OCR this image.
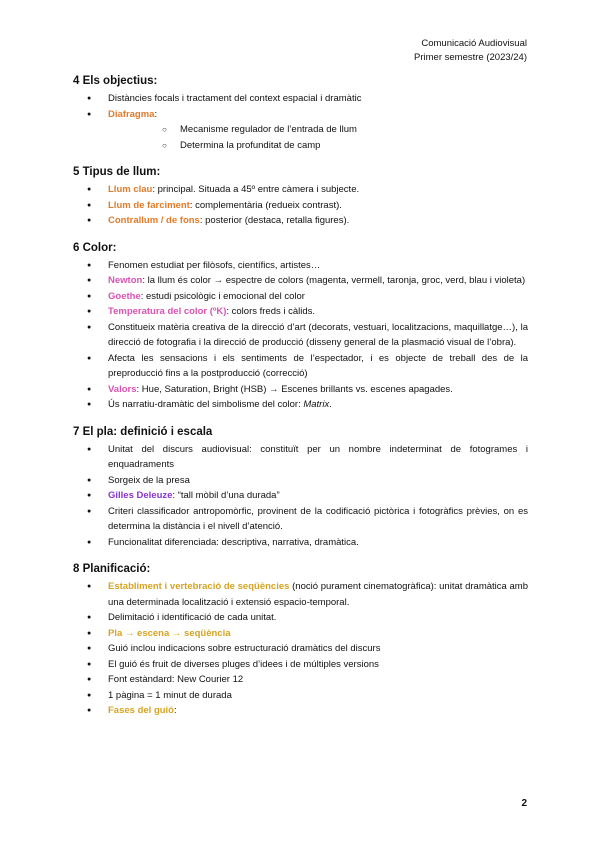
Comunicació Audiovisual
Primer semestre (2023/24)
4 Els objectius:
● Distàncies focals i tractament del context espacial i dramàtic
● Diafragma:
○ Mecanisme regulador de l’entrada de llum
○ Determina la profunditat de camp
5 Tipus de llum:
● Llum clau: principal. Situada a 45º entre càmera i subjecte.
● Llum de farciment: complementària (redueix contrast).
● Contrallum / de fons: posterior (destaca, retalla figures).
6 Color:
● Fenomen estudiat per filòsofs, científics, artistes…
● Newton: la llum és color → espectre de colors (magenta, vermell, taronja, groc, verd, blau i violeta)
● Goethe: estudi psicològic i emocional del color
● Temperatura del color (ºK): colors freds i càlids.
● Constitueix matèria creativa de la direcció d’art (decorats, vestuari, localitzacions, maquillatge…), la direcció de fotografia i la direcció de producció (disseny general de la plasmació visual de l’obra).
● Afecta les sensacions i els sentiments de l’espectador, i es objecte de treball des de la preproducció fins a la postproducció (correcció)
● Valors: Hue, Saturation, Bright (HSB) → Escenes brillants vs. escenes apagades.
● Ús narratiu-dramàtic del simbolisme del color: Matrix.
7 El pla: definició i escala
● Unitat del discurs audiovisual: constituït per un nombre indeterminat de fotogrames i enquadraments
● Sorgeix de la presa
● Gilles Deleuze: “tall mòbil d’una durada”
● Criteri classificador antropomòrfic, provinent de la codificació pictòrica i fotogràfics prèvies, on es determina la distància i el nivell d’atenció.
● Funcionalitat diferenciada: descriptiva, narrativa, dramàtica.
8 Planificació:
● Establiment i vertebració de seqüències (noció purament cinematogràfica): unitat dramàtica amb una determinada localització i extensió espacio-temporal.
● Delimitació i identificació de cada unitat.
● Pla → escena → seqüència
● Guió inclou indicacions sobre estructuració dramàtics del discurs
● El guió és fruit de diverses pluges d’idees i de múltiples versions
● Font estàndard: New Courier 12
● 1 pàgina = 1 minut de durada
● Fases del guió:
2
